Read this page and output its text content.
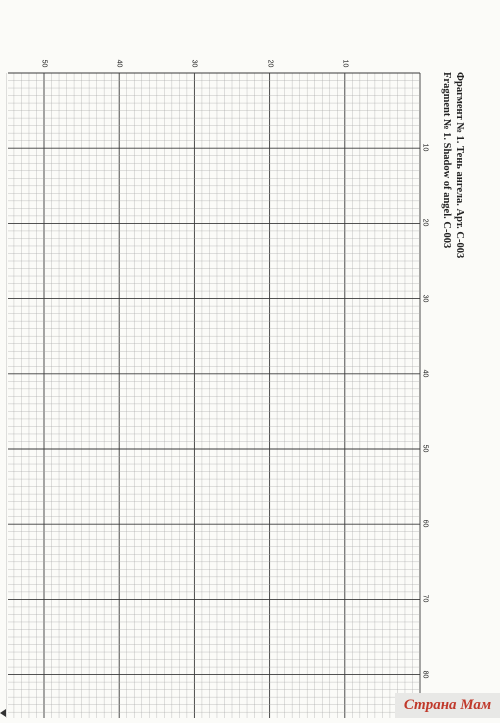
10
20
30
40
50
10
20
30
40
50
60
70
80
Фрагмент № 1. Тень ангела. Арт. С-003
Fragment № 1. Shadow of angel. C-003
Страна Мам
